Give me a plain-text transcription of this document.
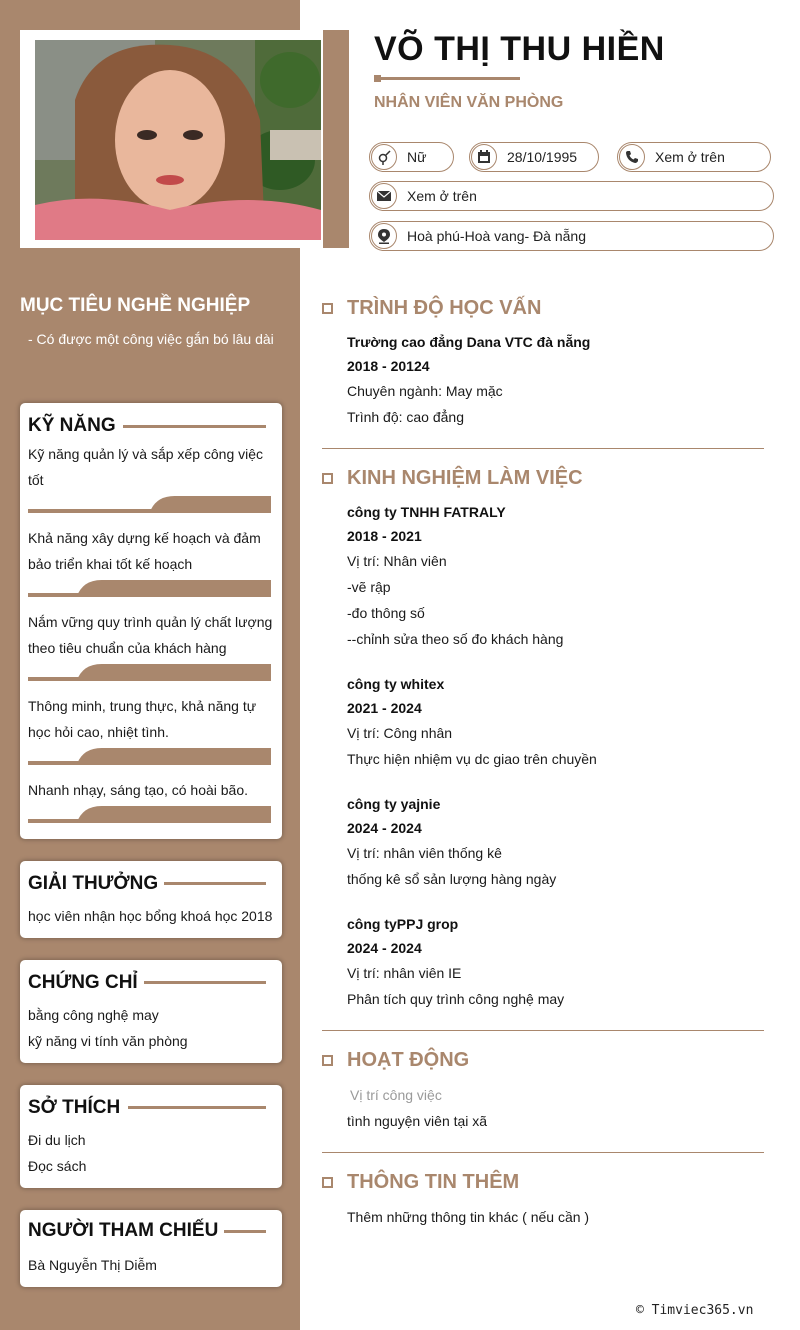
VÕ THỊ THU HIỀN
NHÂN VIÊN VĂN PHÒNG
Nữ	28/10/1995	Xem ở trên
Xem ở trên
Hoà phú-Hoà vang- Đà nẵng
MỤC TIÊU NGHỀ NGHIỆP
- Có được một công việc gắn bó lâu dài
KỸ NĂNG
Kỹ năng quản lý và sắp xếp công việc
tốt
Khả năng xây dựng kế hoạch và đảm
bảo triển khai tốt kế hoạch
Nắm vững quy trình quản lý chất lượng
theo tiêu chuẩn của khách hàng
Thông minh, trung thực, khả năng tự
học hỏi cao, nhiệt tình.
Nhanh nhạy, sáng tạo, có hoài bão.
GIẢI THƯỞNG
học viên nhận học bổng khoá học 2018
CHỨNG CHỈ
bằng công nghệ may
kỹ năng vi tính văn phòng
SỞ THÍCH
Đi du lịch
Đọc sách
NGƯỜI THAM CHIẾU
Bà Nguyễn Thị Diễm
TRÌNH ĐỘ HỌC VẤN
Trường cao đẳng Dana VTC đà nẵng
2018 - 20124
Chuyên ngành: May mặc
Trình độ: cao đẳng
KINH NGHIỆM LÀM VIỆC
công ty TNHH FATRALY
2018 - 2021
Vị trí: Nhân viên
-vẽ rập
-đo thông số
--chỉnh sửa theo số đo khách hàng
công ty whitex
2021 - 2024
Vị trí: Công nhân
Thực hiện nhiệm vụ dc giao trên chuyền
công ty yajnie
2024 - 2024
Vị trí: nhân viên thống kê
thống kê sổ sản lượng hàng ngày
công tyPPJ grop
2024 - 2024
Vị trí: nhân viên IE
Phân tích quy trình công nghệ may
HOẠT ĐỘNG
Vị trí công việc
tình nguyện viên tại xã
THÔNG TIN THÊM
Thêm những thông tin khác ( nếu cần )
© Timviec365.vn
